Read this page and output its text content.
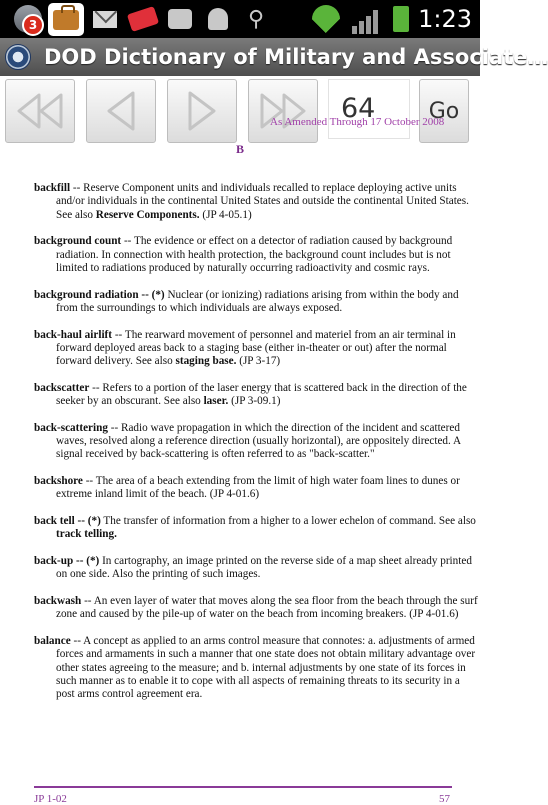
3	⚲	1:23
DOD Dictionary of Military and Associate…
64	Go
As Amended Through 17 October 2008
B
backfill -- Reserve Component units and individuals recalled to replace deploying active units and/or individuals in the continental United States and outside the continental United States. See also Reserve Components. (JP 4-05.1)
background count -- The evidence or effect on a detector of radiation caused by background radiation. In connection with health protection, the background count includes but is not limited to radiations produced by naturally occurring radioactivity and cosmic rays.
background radiation -- (*) Nuclear (or ionizing) radiations arising from within the body and from the surroundings to which individuals are always exposed.
back-haul airlift -- The rearward movement of personnel and materiel from an air terminal in forward deployed areas back to a staging base (either in-theater or out) after the normal forward delivery. See also staging base. (JP 3-17)
backscatter -- Refers to a portion of the laser energy that is scattered back in the direction of the seeker by an obscurant. See also laser. (JP 3-09.1)
back-scattering -- Radio wave propagation in which the direction of the incident and scattered waves, resolved along a reference direction (usually horizontal), are oppositely directed. A signal received by back-scattering is often referred to as "back-scatter."
backshore -- The area of a beach extending from the limit of high water foam lines to dunes or extreme inland limit of the beach. (JP 4-01.6)
back tell -- (*) The transfer of information from a higher to a lower echelon of command. See also track telling.
back-up -- (*) In cartography, an image printed on the reverse side of a map sheet already printed on one side. Also the printing of such images.
backwash -- An even layer of water that moves along the sea floor from the beach through the surf zone and caused by the pile-up of water on the beach from incoming breakers. (JP 4-01.6)
balance -- A concept as applied to an arms control measure that connotes: a. adjustments of armed forces and armaments in such a manner that one state does not obtain military advantage over other states agreeing to the measure; and b. internal adjustments by one state of its forces in such manner as to enable it to cope with all aspects of remaining threats to its security in a post arms control agreement era.
JP 1-02	57
